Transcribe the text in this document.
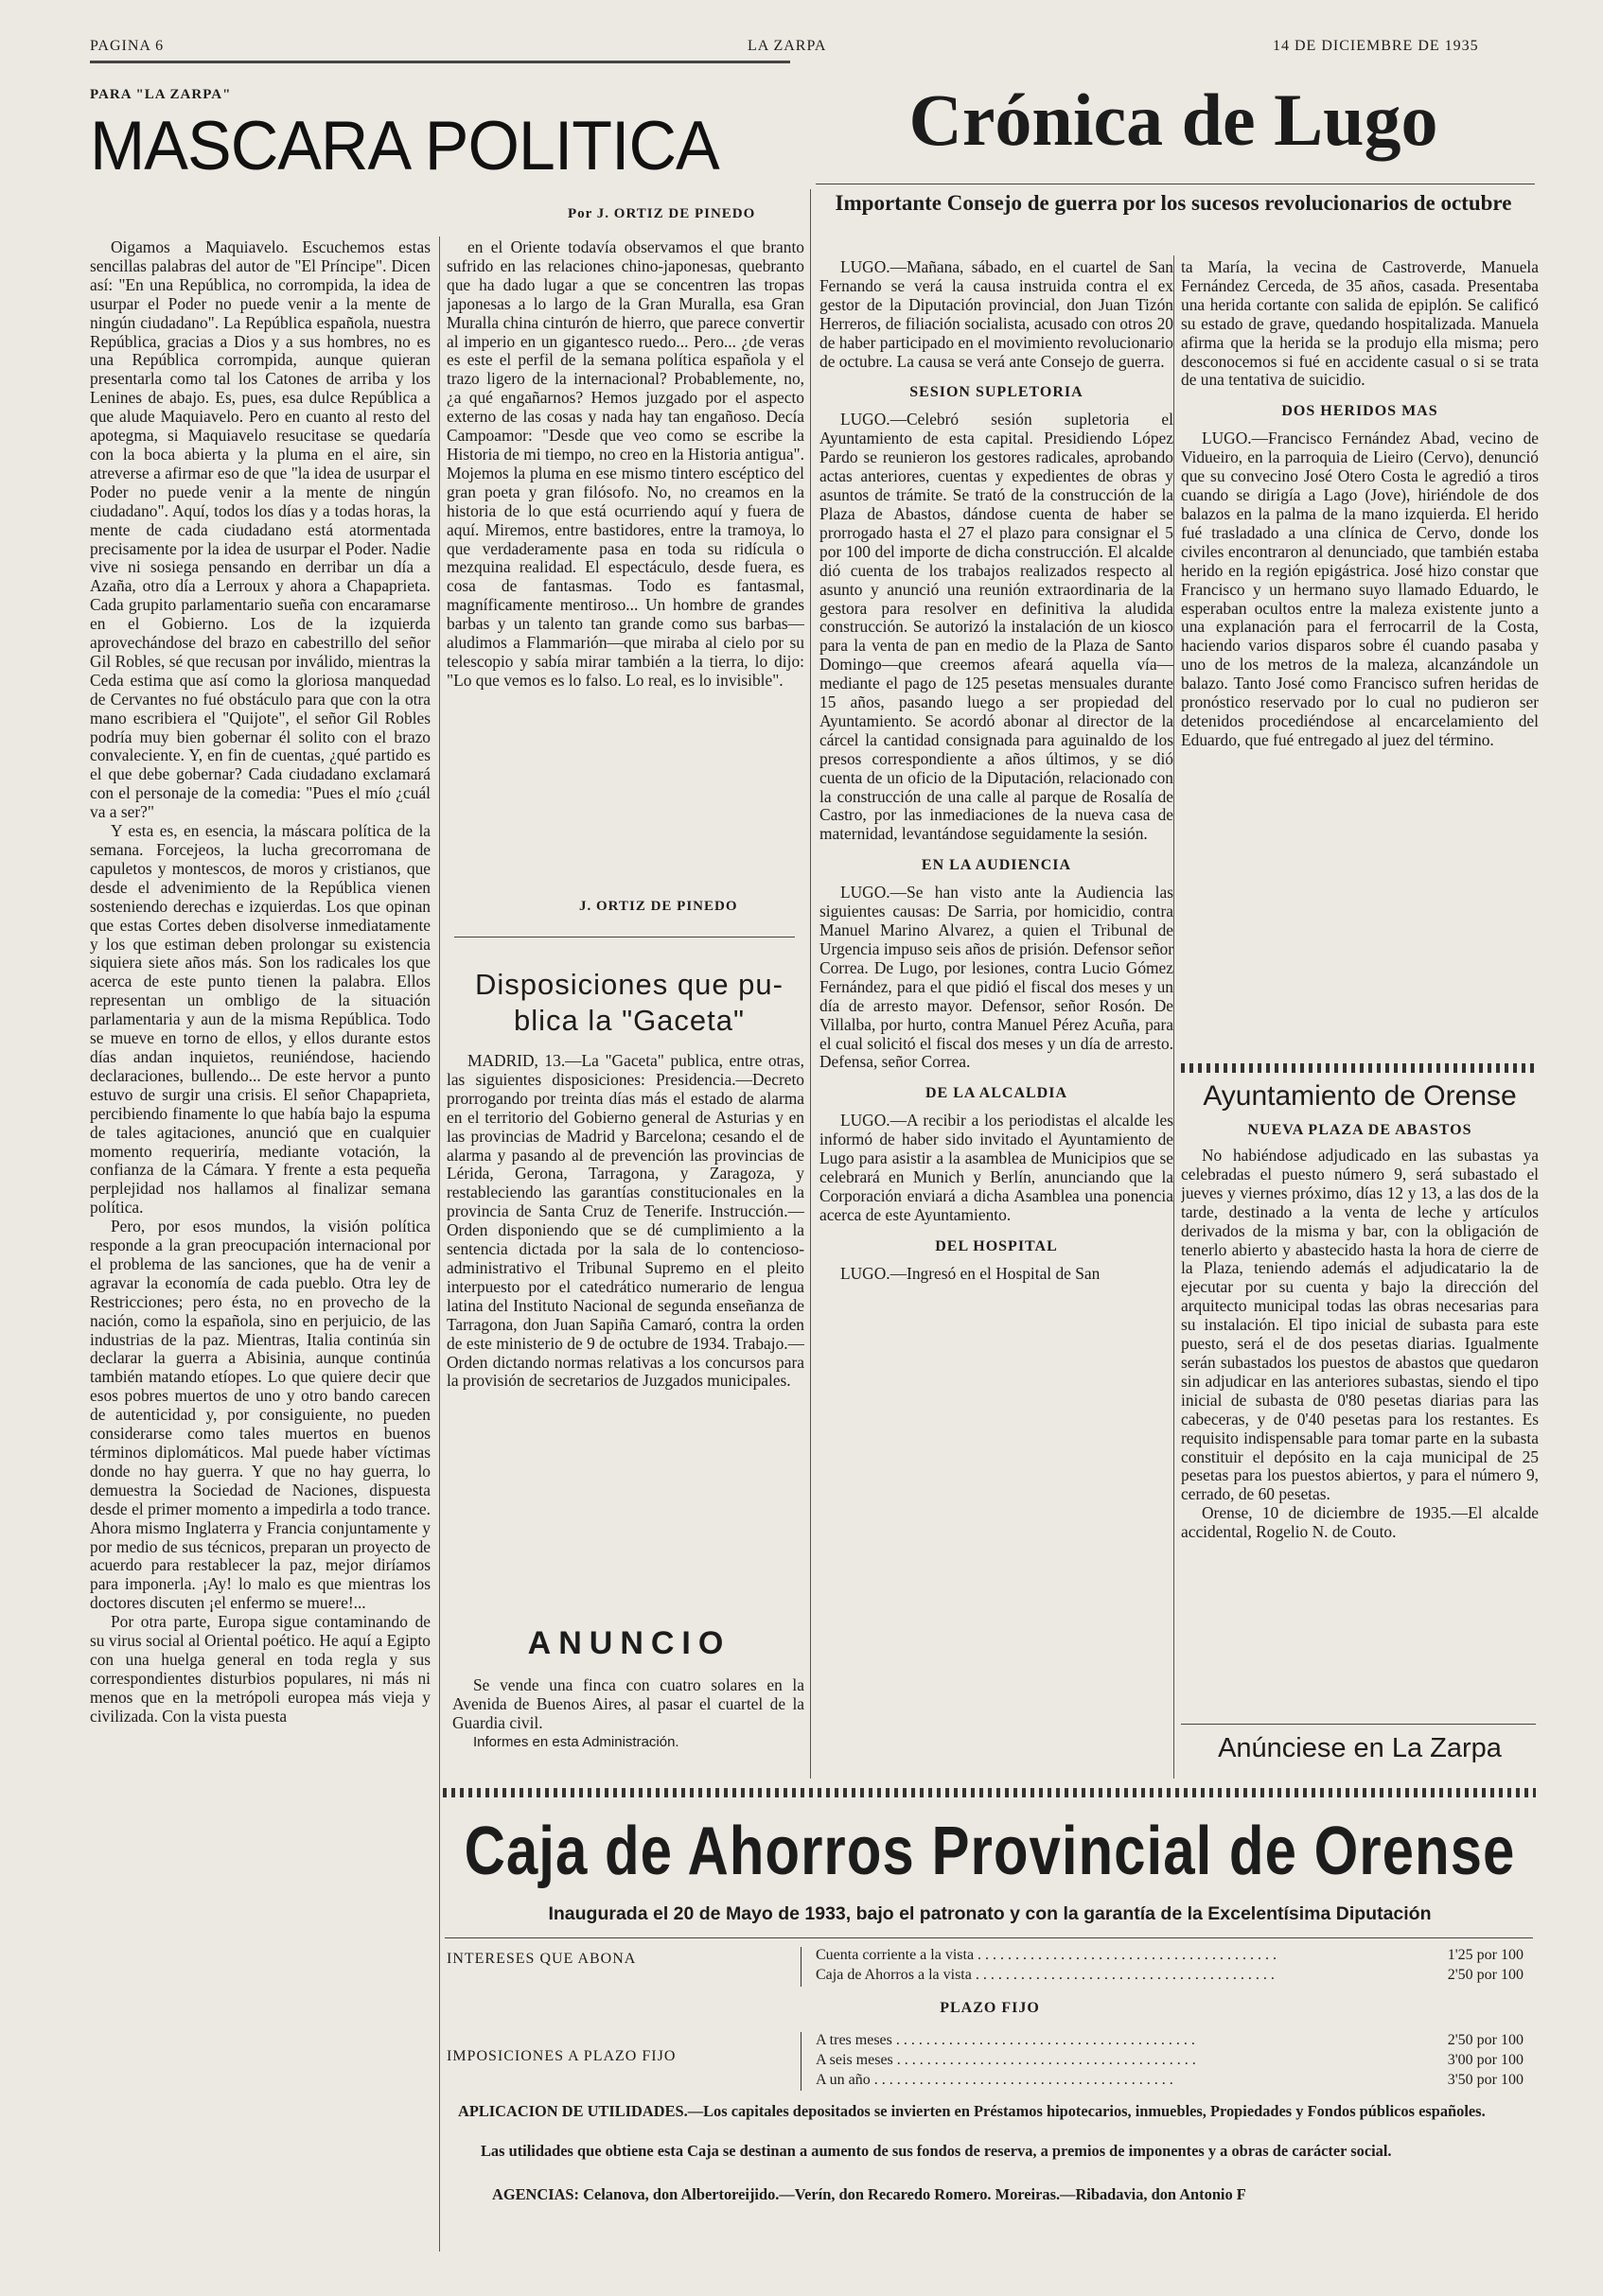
PAGINA 6	LA ZARPA	14 DE DICIEMBRE DE 1935
PARA "LA ZARPA"
MASCARA POLITICA
Por J. ORTIZ DE PINEDO

Oigamos a Maquiavelo. Escuchemos estas sencillas palabras del autor de "El Príncipe". Dicen así: "En una República, no corrompida, la idea de usurpar el Poder no puede venir a la mente de ningún ciudadano". La República española, nuestra República, gracias a Dios y a sus hombres, no es una República corrompida, aunque quieran presentarla como tal los Catones de arriba y los Lenines de abajo. Es, pues, esa dulce República a que alude Maquiavelo. Pero en cuanto al resto del apotegma, si Maquiavelo resucitase se quedaría con la boca abierta y la pluma en el aire, sin atreverse a afirmar eso de que "la idea de usurpar el Poder no puede venir a la mente de ningún ciudadano". Aquí, todos los días y a todas horas, la mente de cada ciudadano está atormentada precisamente por la idea de usurpar el Poder. Nadie vive ni sosiega pensando en derribar un día a Azaña, otro día a Lerroux y ahora a Chapaprieta. Cada grupito parlamentario sueña con encaramarse en el Gobierno. Los de la izquierda aprovechándose del brazo en cabestrillo del señor Gil Robles, sé que recusan por inválido, mientras la Ceda estima que así como la gloriosa manquedad de Cervantes no fué obstáculo para que con la otra mano escribiera el "Quijote", el señor Gil Robles podría muy bien gobernar él solito con el brazo convaleciente. Y, en fin de cuentas, ¿qué partido es el que debe gobernar? Cada ciudadano exclamará con el personaje de la comedia: "Pues el mío ¿cuál va a ser?"

Y esta es, en esencia, la máscara política de la semana. Forcejeos, la lucha grecorromana de capuletos y montescos, de moros y cristianos, que desde el advenimiento de la República vienen sosteniendo derechas e izquierdas. Los que opinan que estas Cortes deben disolverse inmediatamente y los que estiman deben prolongar su existencia siquiera siete años más. Son los radicales los que acerca de este punto tienen la palabra. Ellos representan un ombligo de la situación parlamentaria y aun de la misma República. Todo se mueve en torno de ellos, y ellos durante estos días andan inquietos, reuniéndose, haciendo declaraciones, bullendo... De este hervor a punto estuvo de surgir una crisis. El señor Chapaprieta, percibiendo finamente lo que había bajo la espuma de tales agitaciones, anunció que en cualquier momento requeriría, mediante votación, la confianza de la Cámara. Y frente a esta pequeña perplejidad nos hallamos al finalizar semana política.

Pero, por esos mundos, la visión política responde a la gran preocupación internacional por el problema de las sanciones, que ha de venir a agravar la economía de cada pueblo. Otra ley de Restricciones; pero ésta, no en provecho de la nación, como la española, sino en perjuicio, de las industrias de la paz. Mientras, Italia continúa sin declarar la guerra a Abisinia, aunque continúa también matando etíopes. Lo que quiere decir que esos pobres muertos de uno y otro bando carecen de autenticidad y, por consiguiente, no pueden considerarse como tales muertos en buenos términos diplomáticos. Mal puede haber víctimas donde no hay guerra. Y que no hay guerra, lo demuestra la Sociedad de Naciones, dispuesta desde el primer momento a impedirla a todo trance. Ahora mismo Inglaterra y Francia conjuntamente y por medio de sus técnicos, preparan un proyecto de acuerdo para restablecer la paz, mejor diríamos para imponerla. ¡Ay! lo malo es que mientras los doctores discuten ¡el enfermo se muere!...

Por otra parte, Europa sigue contaminando de su virus social al Oriental poético. He aquí a Egipto con una huelga general en toda regla y sus correspondientes disturbios populares, ni más ni menos que en la metrópoli europea más vieja y civilizada. Con la vista puesta

en el Oriente todavía observamos el que branto sufrido en las relaciones chino-japonesas, quebranto que ha dado lugar a que se concentren las tropas japonesas a lo largo de la Gran Muralla, esa Gran Muralla china cinturón de hierro, que parece convertir al imperio en un gigantesco ruedo... Pero... ¿de veras es este el perfil de la semana política española y el trazo ligero de la internacional? Probablemente, no, ¿a qué engañarnos? Hemos juzgado por el aspecto externo de las cosas y nada hay tan engañoso. Decía Campoamor: "Desde que veo como se escribe la Historia de mi tiempo, no creo en la Historia antigua". Mojemos la pluma en ese mismo tintero escéptico del gran poeta y gran filósofo. No, no creamos en la historia de lo que está ocurriendo aquí y fuera de aquí. Miremos, entre bastidores, entre la tramoya, lo que verdaderamente pasa en toda su ridícula o mezquina realidad. El espectáculo, desde fuera, es cosa de fantasmas. Todo es fantasmal, magníficamente mentiroso... Un hombre de grandes barbas y un talento tan grande como sus barbas—aludimos a Flammarión—que miraba al cielo por su telescopio y sabía mirar también a la tierra, lo dijo: "Lo que vemos es lo falso. Lo real, es lo invisible".

J. ORTIZ DE PINEDO
Disposiciones que pu-
blica la "Gaceta"

MADRID, 13.—La "Gaceta" publica, entre otras, las siguientes disposiciones: Presidencia.—Decreto prorrogando por treinta días más el estado de alarma en el territorio del Gobierno general de Asturias y en las provincias de Madrid y Barcelona; cesando el de alarma y pasando al de prevención las provincias de Lérida, Gerona, Tarragona, y Zaragoza, y restableciendo las garantías constitucionales en la provincia de Santa Cruz de Tenerife. Instrucción.—Orden disponiendo que se dé cumplimiento a la sentencia dictada por la sala de lo contencioso-administrativo el Tribunal Supremo en el pleito interpuesto por el catedrático numerario de lengua latina del Instituto Nacional de segunda enseñanza de Tarragona, don Juan Sapiña Camaró, contra la orden de este ministerio de 9 de octubre de 1934. Trabajo.—Orden dictando normas relativas a los concursos para la provisión de secretarios de Juzgados municipales.

ANUNCIO

Se vende una finca con cuatro solares en la Avenida de Buenos Aires, al pasar el cuartel de la Guardia civil.

Informes en esta Administración.

Crónica de Lugo
Importante Consejo de guerra por los sucesos revolucionarios de octubre

LUGO.—Mañana, sábado, en el cuartel de San Fernando se verá la causa instruida contra el ex gestor de la Diputación provincial, don Juan Tizón Herreros, de filiación socialista, acusado con otros 20 de haber participado en el movimiento revolucionario de octubre. La causa se verá ante Consejo de guerra.

SESION SUPLETORIA

LUGO.—Celebró sesión supletoria el Ayuntamiento de esta capital. Presidiendo López Pardo se reunieron los gestores radicales, aprobando actas anteriores, cuentas y expedientes de obras y asuntos de trámite. Se trató de la construcción de la Plaza de Abastos, dándose cuenta de haber se prorrogado hasta el 27 el plazo para consignar el 5 por 100 del importe de dicha construcción. El alcalde dió cuenta de los trabajos realizados respecto al asunto y anunció una reunión extraordinaria de la gestora para resolver en definitiva la aludida construcción. Se autorizó la instalación de un kiosco para la venta de pan en medio de la Plaza de Santo Domingo—que creemos afeará aquella vía—mediante el pago de 125 pesetas mensuales durante 15 años, pasando luego a ser propiedad del Ayuntamiento. Se acordó abonar al director de la cárcel la cantidad consignada para aguinaldo de los presos correspondiente a años últimos, y se dió cuenta de un oficio de la Diputación, relacionado con la construcción de una calle al parque de Rosalía de Castro, por las inmediaciones de la nueva casa de maternidad, levantándose seguidamente la sesión.

EN LA AUDIENCIA

LUGO.—Se han visto ante la Audiencia las siguientes causas: De Sarria, por homicidio, contra Manuel Marino Alvarez, a quien el Tribunal de Urgencia impuso seis años de prisión. Defensor señor Correa. De Lugo, por lesiones, contra Lucio Gómez Fernández, para el que pidió el fiscal dos meses y un día de arresto mayor. Defensor, señor Rosón. De Villalba, por hurto, contra Manuel Pérez Acuña, para el cual solicitó el fiscal dos meses y un día de arresto. Defensa, señor Correa.

DE LA ALCALDIA

LUGO.—A recibir a los periodistas el alcalde les informó de haber sido invitado el Ayuntamiento de Lugo para asistir a la asamblea de Municipios que se celebrará en Munich y Berlín, anunciando que la Corporación enviará a dicha Asamblea una ponencia acerca de este Ayuntamiento.

DEL HOSPITAL

LUGO.—Ingresó en el Hospital de San

ta María, la vecina de Castroverde, Manuela Fernández Cerceda, de 35 años, casada. Presentaba una herida cortante con salida de epiplón. Se calificó su estado de grave, quedando hospitalizada. Manuela afirma que la herida se la produjo ella misma; pero desconocemos si fué en accidente casual o si se trata de una tentativa de suicidio.

DOS HERIDOS MAS

LUGO.—Francisco Fernández Abad, vecino de Vidueiro, en la parroquia de Lieiro (Cervo), denunció que su convecino José Otero Costa le agredió a tiros cuando se dirigía a Lago (Jove), hiriéndole de dos balazos en la palma de la mano izquierda. El herido fué trasladado a una clínica de Cervo, donde los civiles encontraron al denunciado, que también estaba herido en la región epigástrica. José hizo constar que Francisco y un hermano suyo llamado Eduardo, le esperaban ocultos entre la maleza existente junto a una explanación para el ferrocarril de la Costa, haciendo varios disparos sobre él cuando pasaba y uno de los metros de la maleza, alcanzándole un balazo. Tanto José como Francisco sufren heridas de pronóstico reservado por lo cual no pudieron ser detenidos procediéndose al encarcelamiento del Eduardo, que fué entregado al juez del término.

Ayuntamiento de Orense
NUEVA PLAZA DE ABASTOS

No habiéndose adjudicado en las subastas ya celebradas el puesto número 9, será subastado el jueves y viernes próximo, días 12 y 13, a las dos de la tarde, destinado a la venta de leche y artículos derivados de la misma y bar, con la obligación de tenerlo abierto y abastecido hasta la hora de cierre de la Plaza, teniendo además el adjudicatario la de ejecutar por su cuenta y bajo la dirección del arquitecto municipal todas las obras necesarias para su instalación. El tipo inicial de subasta para este puesto, será el de dos pesetas diarias. Igualmente serán subastados los puestos de abastos que quedaron sin adjudicar en las anteriores subastas, siendo el tipo inicial de subasta de 0'80 pesetas diarias para las cabeceras, y de 0'40 pesetas para los restantes. Es requisito indispensable para tomar parte en la subasta constituir el depósito en la caja municipal de 25 pesetas para los puestos abiertos, y para el número 9, cerrado, de 60 pesetas.

Orense, 10 de diciembre de 1935.—El alcalde accidental, Rogelio N. de Couto.

Anúnciese en La Zarpa
Caja de Ahorros Provincial de Orense
Inaugurada el 20 de Mayo de 1933, bajo el patronato y con la garantía de la Excelentísima Diputación
INTERESES QUE ABONA	Cuenta corriente a la vista . . . . . . . . . . . . . . . . . . . . . . . . . . . . . . . . . . . . . . . .	1'25 por 100
Caja de Ahorros a la vista . . . . . . . . . . . . . . . . . . . . . . . . . . . . . . . . . . . . . . . .	2'50 por 100
PLAZO FIJO
IMPOSICIONES A PLAZO FIJO
A tres meses . . . . . . . . . . . . . . . . . . . . . . . . . . . . . . . . . . . . . . . .	2'50 por 100
A seis meses . . . . . . . . . . . . . . . . . . . . . . . . . . . . . . . . . . . . . . . .	3'00 por 100
A un año . . . . . . . . . . . . . . . . . . . . . . . . . . . . . . . . . . . . . . . .	3'50 por 100
APLICACION DE UTILIDADES.—Los capitales depositados se invierten en Préstamos hipotecarios, inmuebles, Propiedades y Fondos públicos españoles.
Las utilidades que obtiene esta Caja se destinan a aumento de sus fondos de reserva, a premios de imponentes y a obras de carácter social.
AGENCIAS: Celanova, don Albertoreijido.—Verín, don Recaredo Romero. Moreiras.—Ribadavia, don Antonio F
